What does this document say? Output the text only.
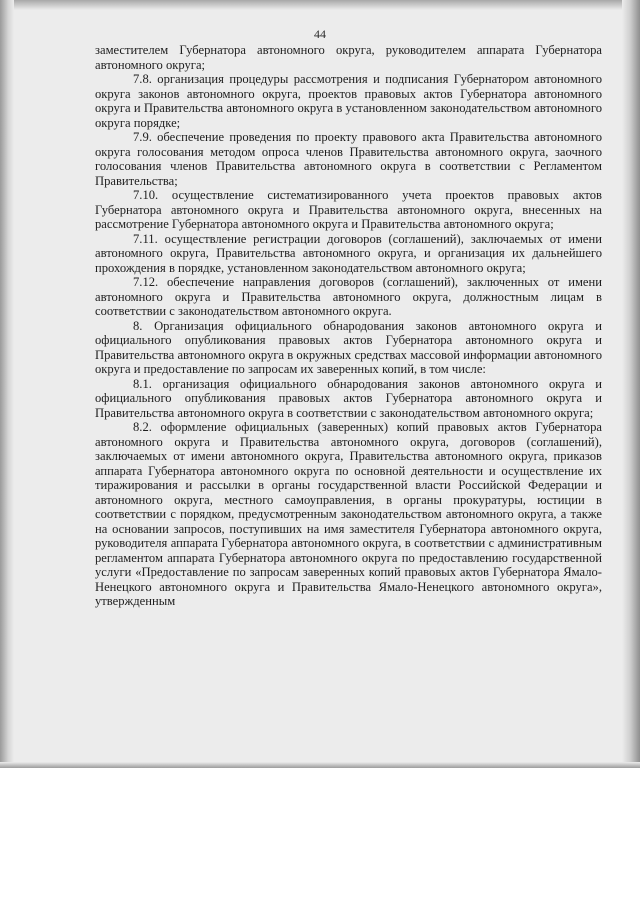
44

заместителем Губернатора автономного округа, руководителем аппарата Губернатора автономного округа;

7.8. организация процедуры рассмотрения и подписания Губернатором автономного округа законов автономного округа, проектов правовых актов Губернатора автономного округа и Правительства автономного округа в установленном законодательством автономного округа порядке;

7.9. обеспечение проведения по проекту правового акта Правительства автономного округа голосования методом опроса членов Правительства автономного округа, заочного голосования членов Правительства автономного округа в соответствии с Регламентом Правительства;

7.10. осуществление систематизированного учета проектов правовых актов Губернатора автономного округа и Правительства автономного округа, внесенных на рассмотрение Губернатора автономного округа и Правительства автономного округа;

7.11. осуществление регистрации договоров (соглашений), заключаемых от имени автономного округа, Правительства автономного округа, и организация их дальнейшего прохождения в порядке, установленном законодательством автономного округа;

7.12. обеспечение направления договоров (соглашений), заключенных от имени автономного округа и Правительства автономного округа, должностным лицам в соответствии с законодательством автономного округа.

8. Организация официального обнародования законов автономного округа и официального опубликования правовых актов Губернатора автономного округа и Правительства автономного округа в окружных средствах массовой информации автономного округа и предоставление по запросам их заверенных копий, в том числе:

8.1. организация официального обнародования законов автономного округа и официального опубликования правовых актов Губернатора автономного округа и Правительства автономного округа в соответствии с законодательством автономного округа;

8.2. оформление официальных (заверенных) копий правовых актов Губернатора автономного округа и Правительства автономного округа, договоров (соглашений), заключаемых от имени автономного округа, Правительства автономного округа, приказов аппарата Губернатора автономного округа по основной деятельности и осуществление их тиражирования и рассылки в органы государственной власти Российской Федерации и автономного округа, местного самоуправления, в органы прокуратуры, юстиции в соответствии с порядком, предусмотренным законодательством автономного округа, а также на основании запросов, поступивших на имя заместителя Губернатора автономного округа, руководителя аппарата Губернатора автономного округа, в соответствии с административным регламентом аппарата Губернатора автономного округа по предоставлению государственной услуги «Предоставление по запросам заверенных копий правовых актов Губернатора Ямало-Ненецкого автономного округа и Правительства Ямало-Ненецкого автономного округа», утвержденным
